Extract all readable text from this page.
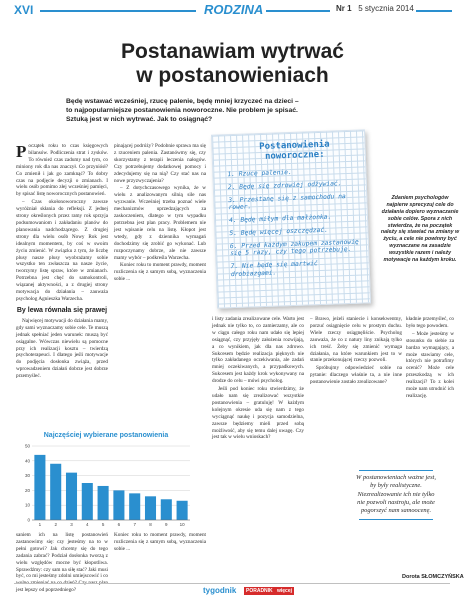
XVI	RODZINA	Nr 1 5 stycznia 2014
Postanawiam wytrwać
w postanowieniach
Będę wstawać wcześniej, rzucę palenie, będę mniej krzyczeć na dzieci – to najpopularniejsze postanowienia noworoczne. Nie problem je spisać. Sztuką jest w nich wytrwać. Jak to osiągnąć?
P oczątek roku to czas księgowych bilansów. Podliczenia strat i zysków. To również czas zadumy nad tym, co miniony rok dla nas znaczył. Co przyniósł? Co zmienił i jak go zamknąć? To dobry czas na podjęcie decyzji o zmianach. I wielu osób pomimo złej wcześniej pamięci, by spisać listę noworocznych postanowień.

– Czas okołonoworoczny zawsze wyróżniał skłania do refleksji. Z jednej strony określonych przez ramy rok sprzyja podsumowaniom i zakładaniu planów do planowania nadchodzącego. Z drugiej strony dla wielu osób Nowy Rok jest idealnym momentem, by coś w swoim życiu zmienić. W związku z tym, że liczbę plusy nasze plusy wyobrażamy sobie wszystko ten zwłaszcza na nasze życie, tworzymy listę spraw, które w zmianach. Potrzebna jest chęć do samokontroli, wiązanej aktywności, a z drugiej strony motywacja do działania – zauważa psycholog Agnieszka Warzecha.

By lewa równała się prawej

Najwięcej motywacji do działania mamy, gdy sami wyznaczamy sobie cele. Te muszą jednak spełniać jeden warunek: muszą być osiągalne. Wówczas niewielu są pomocne przy ich realizacji kosztu – twierdzą psychoterapeuci. I dlatego jeśli motywacje do podjęcia dosłonka zwiąża, przed wprowadzeniem działań dobrze jest dobrze przemyśleć.

pinającej podróży? Podobnie sprawa ma się z rzuceniem palenia. Zastanówmy się, czy skorzystamy z terapii leczenia nałogów. Czy potrzebujemy dodatkowej pomocy i zdecydujemy się na nią? Czy stać nas na nowe przyzwyczajenia?

– Z dotychczasowego wynika, że w wielu z analizowanym silnią sile nas wyzwanie. Wcześniej trzeba poznać wiele mechanizmów uprzedzających za zaskoczeniem, dlatego w tym wypadku potrzebna jest plan pracy. Problemem nie jest wpisanie celu na listę. Kłopot jest wtedy, gdy z dziennika wymagań dochodzimy się zrobić go wykonać. Lub rozpoczynamy dobrze, ale nie zawsze mamy wybór – podkreśla Warzecha.

Koniec roku to moment prawdy, moment rozliczenia się z samym sobą, wyznaczenia sobie ...

Postanowienia noworoczne:
1. Rzucę palenie.
2. Będę się zdrowiej odżywiać.
3. Przestanę się z samochodu na rower.
4. Będę miłym dla małżonka.
5. Będę więcej oszczędzać.
6. Przed każdym zakupem zastanowię się 5 razy, czy tego potrzebuję.
7. Nie będę się martwić drobiazgami.
Zdaniem psychologów najpierw sprecyzuj cele do działania dopiero wyznaczanie sobie celów. Spora z nich stwierdza, że na początek należy się stawiać na zmiany w życiu, a cele nie powinny być wyznaczane na zasadzie wszystkie razem i należy motywacje na każdym kroku.

saniem ich na listę postanowień zastanowimy się: czy jesteśmy na to w pełni gotowi? Jak chcemy się do tego zadania zabrać? Podział dosłonka tworzą z wielu względów mocne być kłopotliwa. Sprawdźmy: czy sam na siłę stać? Jaki musi być, co mi jesteśmy zdolni umiejscowić i co jest lepszy od poprzedniego?

i listy zadania zrealizowane cele. Warto jest jednak nie tylko to, co zamierzamy, ale co w ciągu całego roku nam udało się lepiej osiągnąć, czy przyjęły założenia rozwijają, a co wynikiem, jak dla nas zdrowo. Sukcesem będzie realizacja pięknych nie tylko zakładanego oczekiwania, ale zadań mniej oczekiwanych, a przypadkowych. Sukcesem jest każdy krok wykonywany na drodze do celu – mówi psycholog.

Jeśli pod koniec roku stwierdzimy, że udało nam się zrealizować wszystkie postanowienia – gratuluję! W każdym kolejnym okresie uda się nam z tego wyciągnąć naukę i pozycja samodzielna, zawsze będziemy mieli przed sobą możliwość, aby się temu dalej uwagę. Czy jest tak w wielu wnioskach?

– Brawo, jeżeli staniecie i konsekwentny, porzuć osiągnięcie celu w prostym duchu. Wiele rzeczy osiągnęliście. Psycholog zauważa, że co z natury liny znikają tylko ich treść. Żeby się zmienić wymaga działania, na które warunkiem jest to w stanie przekonującej rzeczy pozwoli.

Spróbujmy odpowiedzieć sobie na pytanie: dlaczego właśnie ta, a nie inne postanowienie zostało zrealizowane?

kładnie przemyśleć, co było tego powodem.

– Może jesteśmy w stosunku do siebie za bardzo wymagający, a może stawiamy cele, których nie potrafimy ocenić? Może cele przeszkodzą w ich realizacji? To z kolei może nam utrudnić ich realizację.

Najczęściej wybierane postanowienia
50
40
30
20
10
0
1	2	3	4	5	6	7	8	9	10

Koniec roku to moment prawdy, moment rozliczenia się z samym sobą, wyznaczenia sobie ...

W postanowieniach ważne jest, by były realistyczne. Niezrealizowanie ich nie tylko nie pozwoli nastroju, ale może pogorszyć nam samoocenę.
Dorota SŁOMCZYŃSKA
tygodnik	PORADNIK więcej
